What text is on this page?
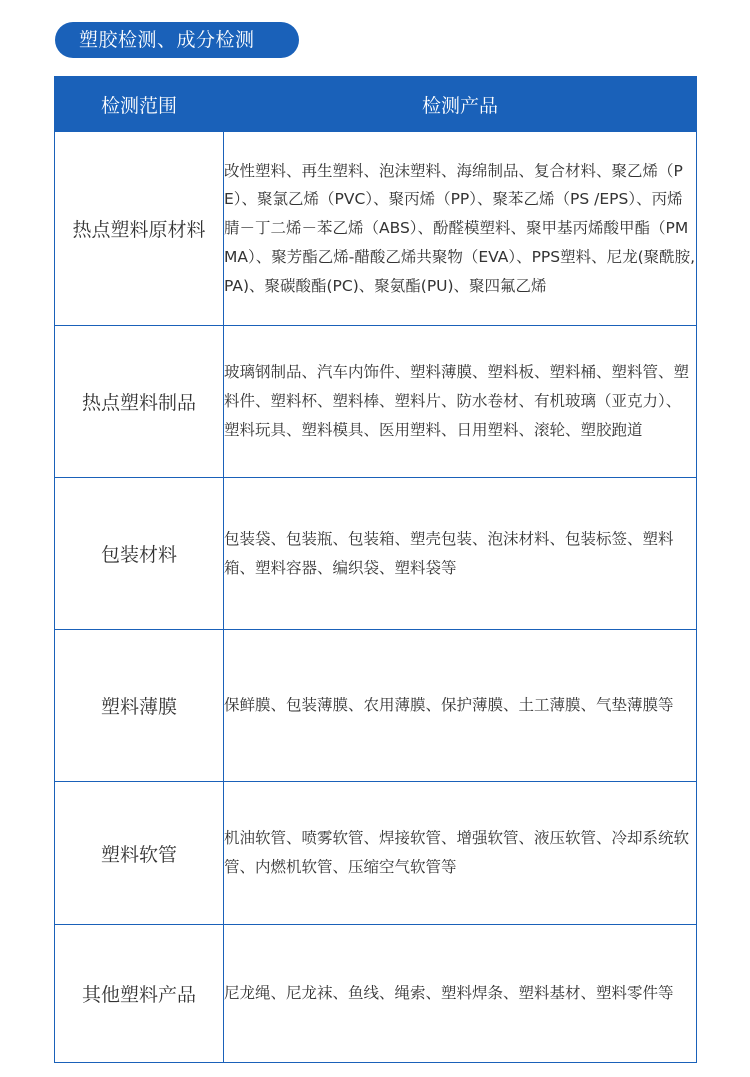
塑胶检测、成分检测
检测范围	检测产品
热点塑料原材料	改性塑料、再生塑料、泡沫塑料、海绵制品、复合材料、聚乙烯（PE）、聚氯乙烯（PVC）、聚丙烯（PP）、聚苯乙烯（PS /EPS）、丙烯腈－丁二烯－苯乙烯（ABS）、酚醛模塑料、聚甲基丙烯酸甲酯（PMMA）、聚芳酯乙烯-醋酸乙烯共聚物（EVA）、PPS塑料、尼龙(聚酰胺,PA)、聚碳酸酯(PC)、聚氨酯(PU)、聚四氟乙烯
热点塑料制品	玻璃钢制品、汽车内饰件、塑料薄膜、塑料板、塑料桶、塑料管、塑料件、塑料杯、塑料棒、塑料片、防水卷材、有机玻璃（亚克力）、塑料玩具、塑料模具、医用塑料、日用塑料、滚轮、塑胶跑道
包装材料	包装袋、包装瓶、包装箱、塑壳包装、泡沫材料、包装标签、塑料箱、塑料容器、编织袋、塑料袋等
塑料薄膜	保鲜膜、包装薄膜、农用薄膜、保护薄膜、土工薄膜、气垫薄膜等
塑料软管	机油软管、喷雾软管、焊接软管、增强软管、液压软管、冷却系统软管、内燃机软管、压缩空气软管等
其他塑料产品	尼龙绳、尼龙袜、鱼线、绳索、塑料焊条、塑料基材、塑料零件等
